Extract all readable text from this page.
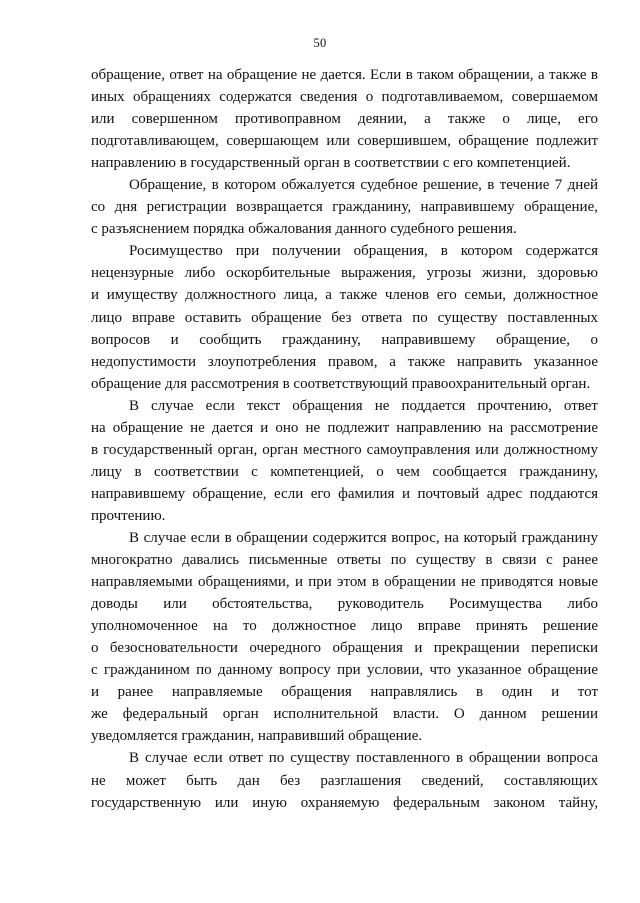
50
обращение, ответ на обращение не дается. Если в таком обращении, а также в
иных обращениях содержатся сведения о подготавливаемом, совершаемом
или совершенном противоправном деянии, а также о лице, его
подготавливающем, совершающем или совершившем, обращение подлежит
направлению в государственный орган в соответствии с его компетенцией.
Обращение, в котором обжалуется судебное решение, в течение 7 дней
со дня регистрации возвращается гражданину, направившему обращение,
с разъяснением порядка обжалования данного судебного решения.
Росимущество при получении обращения, в котором содержатся
нецензурные либо оскорбительные выражения, угрозы жизни, здоровью
и имуществу должностного лица, а также членов его семьи, должностное
лицо вправе оставить обращение без ответа по существу поставленных
вопросов и сообщить гражданину, направившему обращение, о
недопустимости злоупотребления правом, а также направить указанное
обращение для рассмотрения в соответствующий правоохранительный орган.
В случае если текст обращения не поддается прочтению, ответ
на обращение не дается и оно не подлежит направлению на рассмотрение
в государственный орган, орган местного самоуправления или должностному
лицу в соответствии с компетенцией, о чем сообщается гражданину,
направившему обращение, если его фамилия и почтовый адрес поддаются
прочтению.
В случае если в обращении содержится вопрос, на который гражданину
многократно давались письменные ответы по существу в связи с ранее
направляемыми обращениями, и при этом в обращении не приводятся новые
доводы или обстоятельства, руководитель Росимущества либо
уполномоченное на то должностное лицо вправе принять решение
о безосновательности очередного обращения и прекращении переписки
с гражданином по данному вопросу при условии, что указанное обращение
и ранее направляемые обращения направлялись в один и тот
же федеральный орган исполнительной власти. О данном решении
уведомляется гражданин, направивший обращение.
В случае если ответ по существу поставленного в обращении вопроса
не может быть дан без разглашения сведений, составляющих
государственную или иную охраняемую федеральным законом тайну,
